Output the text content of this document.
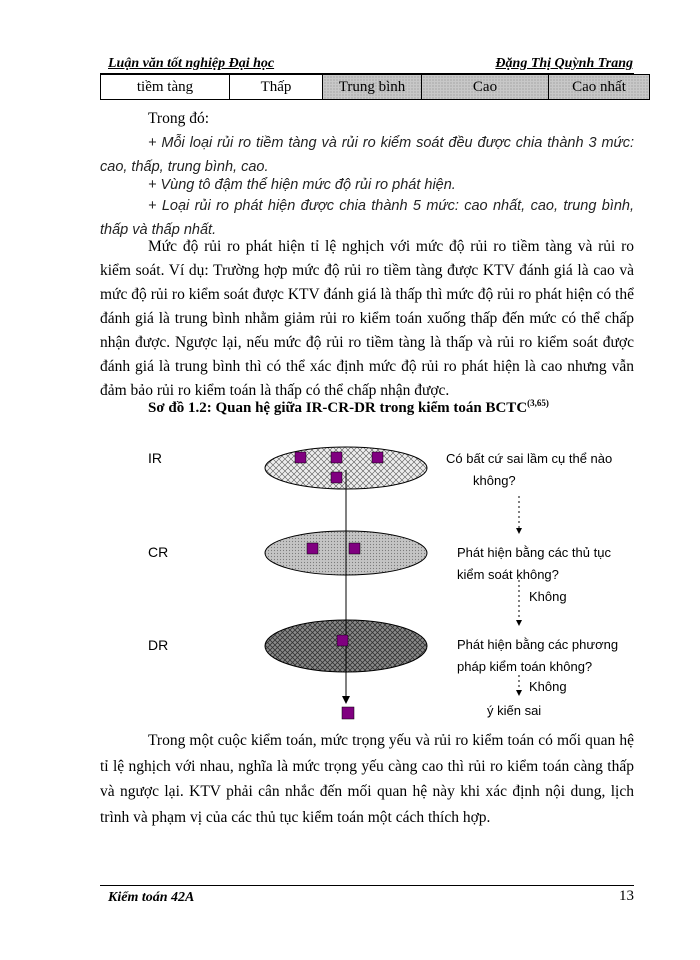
Luận văn tốt nghiệp Đại học	Đặng Thị Quỳnh Trang
tiềm tàng	Thấp	Trung bình	Cao	Cao nhất
Trong đó:
+ Mỗi loại rủi ro tiềm tàng và rủi ro kiểm soát đều được chia thành 3 mức: cao, thấp, trung bình, cao.
+ Vùng tô đậm thể hiện mức độ rủi ro phát hiện.
+ Loại rủi ro phát hiện được chia thành 5 mức: cao nhất, cao, trung bình, thấp và thấp nhất.
Mức độ rủi ro phát hiện tỉ lệ nghịch với mức độ rủi ro tiềm tàng và rủi ro kiểm soát. Ví dụ: Trường hợp mức độ rủi ro tiềm tàng được KTV đánh giá là cao và mức độ rủi ro kiểm soát được KTV đánh giá là thấp thì mức độ rủi ro phát hiện có thể đánh giá là trung bình nhằm giảm rủi ro kiểm toán xuống thấp đến mức có thể chấp nhận được. Ngược lại, nếu mức độ rủi ro tiềm tàng là thấp và rủi ro kiểm soát được đánh giá là trung bình thì có thể xác định mức độ rủi ro phát hiện là cao nhưng vẫn đảm bảo rủi ro kiểm toán là thấp có thể chấp nhận được.
Sơ đồ 1.2: Quan hệ giữa IR-CR-DR trong kiểm toán BCTC$^{(3,65)}$
IR
CR
DR
Có bất cứ sai lầm cụ thể nào
không?
Phát hiện bằng các thủ tục
kiểm soát không?
Không
Phát hiện bằng các phương
pháp kiểm toán không?
Không
ý kiến sai
Trong một cuộc kiểm toán, mức trọng yếu và rủi ro kiểm toán có mối quan hệ tỉ lệ nghịch với nhau, nghĩa là mức trọng yếu càng cao thì rủi ro kiểm toán càng thấp và ngược lại. KTV phải cân nhắc đến mối quan hệ này khi xác định nội dung, lịch trình và phạm vị của các thủ tục kiểm toán một cách thích hợp.
Kiểm toán 42A	13
